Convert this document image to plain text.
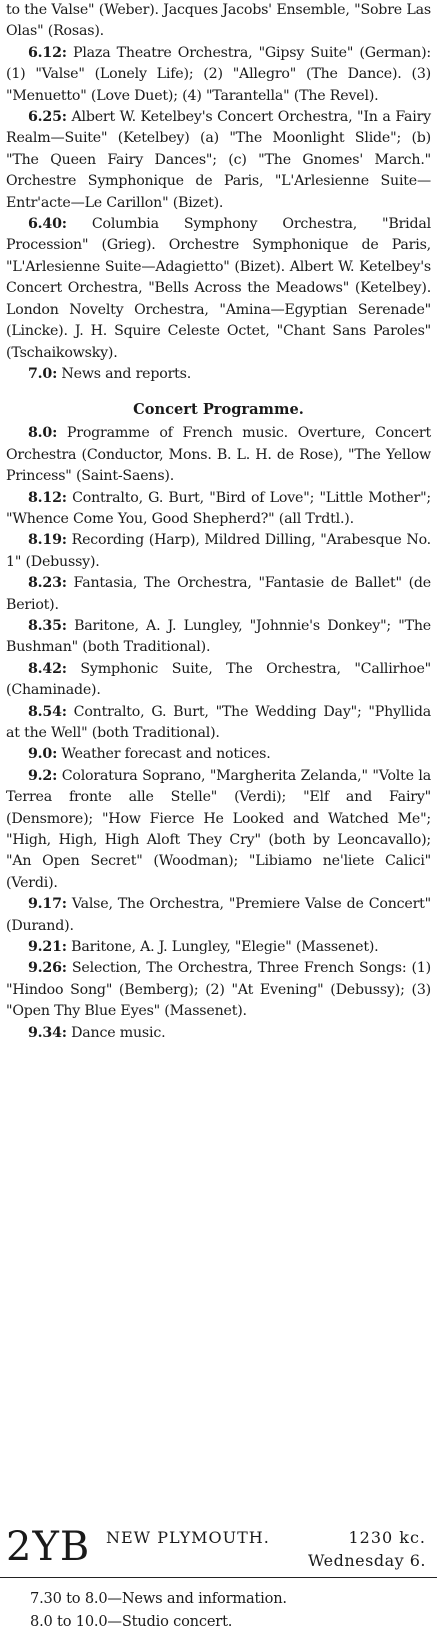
to the Valse" (Weber). Jacques Jacobs' Ensemble, "Sobre Las Olas" (Rosas).

6.12: Plaza Theatre Orchestra, "Gipsy Suite" (German): (1) "Valse" (Lonely Life); (2) "Allegro" (The Dance). (3) "Menuetto" (Love Duet); (4) "Tarantella" (The Revel).

6.25: Albert W. Ketelbey's Concert Orchestra, "In a Fairy Realm—Suite" (Ketelbey) (a) "The Moonlight Slide"; (b) "The Queen Fairy Dances"; (c) "The Gnomes' March." Orchestre Symphonique de Paris, "L'Arlesienne Suite—Entr'acte—Le Carillon" (Bizet).

6.40: Columbia Symphony Orchestra, "Bridal Procession" (Grieg). Orchestre Symphonique de Paris, "L'Arlesienne Suite—Adagietto" (Bizet). Albert W. Ketelbey's Concert Orchestra, "Bells Across the Meadows" (Ketelbey). London Novelty Orchestra, "Amina—Egyptian Serenade" (Lincke). J. H. Squire Celeste Octet, "Chant Sans Paroles" (Tschaikowsky).

7.0: News and reports.

Concert Programme.

8.0: Programme of French music. Overture, Concert Orchestra (Conductor, Mons. B. L. H. de Rose), "The Yellow Princess" (Saint-Saens).

8.12: Contralto, G. Burt, "Bird of Love"; "Little Mother"; "Whence Come You, Good Shepherd?" (all Trdtl.).

8.19: Recording (Harp), Mildred Dilling, "Arabesque No. 1" (Debussy).

8.23: Fantasia, The Orchestra, "Fantasie de Ballet" (de Beriot).

8.35: Baritone, A. J. Lungley, "Johnnie's Donkey"; "The Bushman" (both Traditional).

8.42: Symphonic Suite, The Orchestra, "Callirhoe" (Chaminade).

8.54: Contralto, G. Burt, "The Wedding Day"; "Phyllida at the Well" (both Traditional).

9.0: Weather forecast and notices.

9.2: Coloratura Soprano, "Margherita Zelanda," "Volte la Terrea fronte alle Stelle" (Verdi); "Elf and Fairy" (Densmore); "How Fierce He Looked and Watched Me"; "High, High, High Aloft They Cry" (both by Leoncavallo); "An Open Secret" (Woodman); "Libiamo ne'liete Calici" (Verdi).

9.17: Valse, The Orchestra, "Premiere Valse de Concert" (Durand).

9.21: Baritone, A. J. Lungley, "Elegie" (Massenet).

9.26: Selection, The Orchestra, Three French Songs: (1) "Hindoo Song" (Bemberg); (2) "At Evening" (Debussy); (3) "Open Thy Blue Eyes" (Massenet).

9.34: Dance music.

2YB NEW PLYMOUTH.	1230 kc.
Wednesday 6.

7.30 to 8.0—News and information.

8.0 to 10.0—Studio concert.
